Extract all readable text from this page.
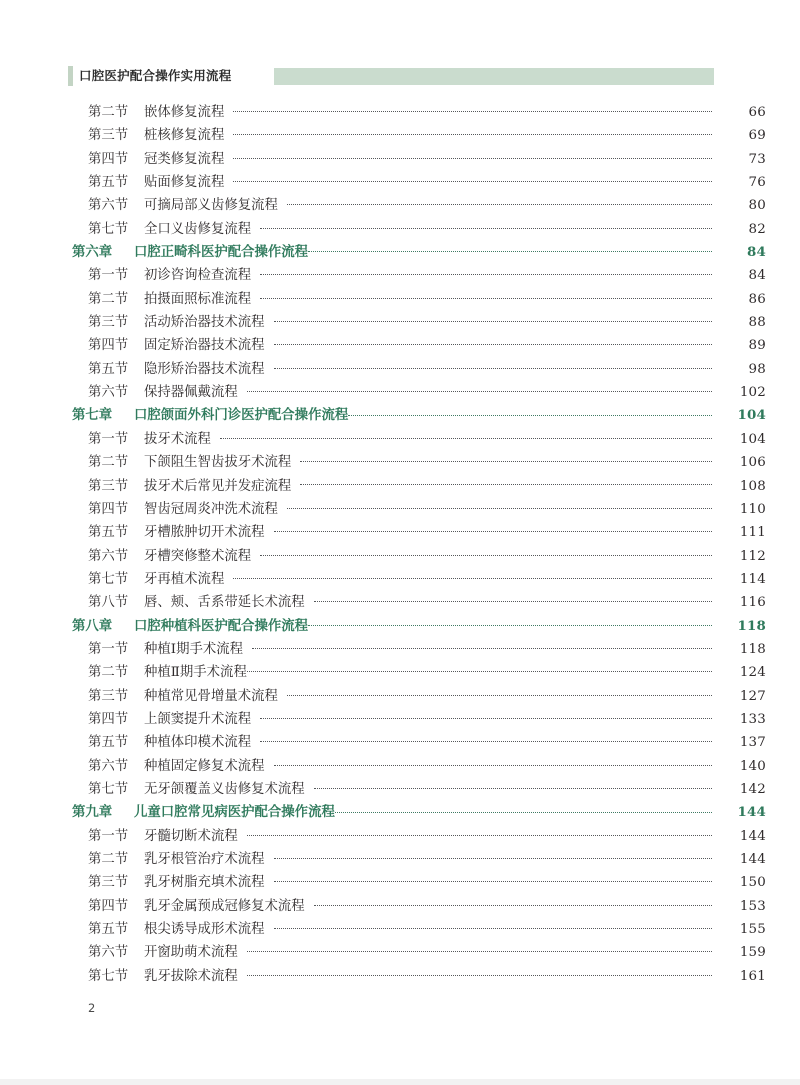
口腔医护配合操作实用流程
第二节	嵌体修复流程	66
第三节	桩核修复流程	69
第四节	冠类修复流程	73
第五节	贴面修复流程	76
第六节	可摘局部义齿修复流程	80
第七节	全口义齿修复流程	82
第六章	口腔正畸科医护配合操作流程	84
第一节	初诊咨询检查流程	84
第二节	拍摄面照标准流程	86
第三节	活动矫治器技术流程	88
第四节	固定矫治器技术流程	89
第五节	隐形矫治器技术流程	98
第六节	保持器佩戴流程	102
第七章	口腔颌面外科门诊医护配合操作流程	104
第一节	拔牙术流程	104
第二节	下颌阻生智齿拔牙术流程	106
第三节	拔牙术后常见并发症流程	108
第四节	智齿冠周炎冲洗术流程	110
第五节	牙槽脓肿切开术流程	111
第六节	牙槽突修整术流程	112
第七节	牙再植术流程	114
第八节	唇、颊、舌系带延长术流程	116
第八章	口腔种植科医护配合操作流程	118
第一节	种植Ⅰ期手术流程	118
第二节	种植Ⅱ期手术流程	124
第三节	种植常见骨增量术流程	127
第四节	上颌窦提升术流程	133
第五节	种植体印模术流程	137
第六节	种植固定修复术流程	140
第七节	无牙颌覆盖义齿修复术流程	142
第九章	儿童口腔常见病医护配合操作流程	144
第一节	牙髓切断术流程	144
第二节	乳牙根管治疗术流程	144
第三节	乳牙树脂充填术流程	150
第四节	乳牙金属预成冠修复术流程	153
第五节	根尖诱导成形术流程	155
第六节	开窗助萌术流程	159
第七节	乳牙拔除术流程	161
2
